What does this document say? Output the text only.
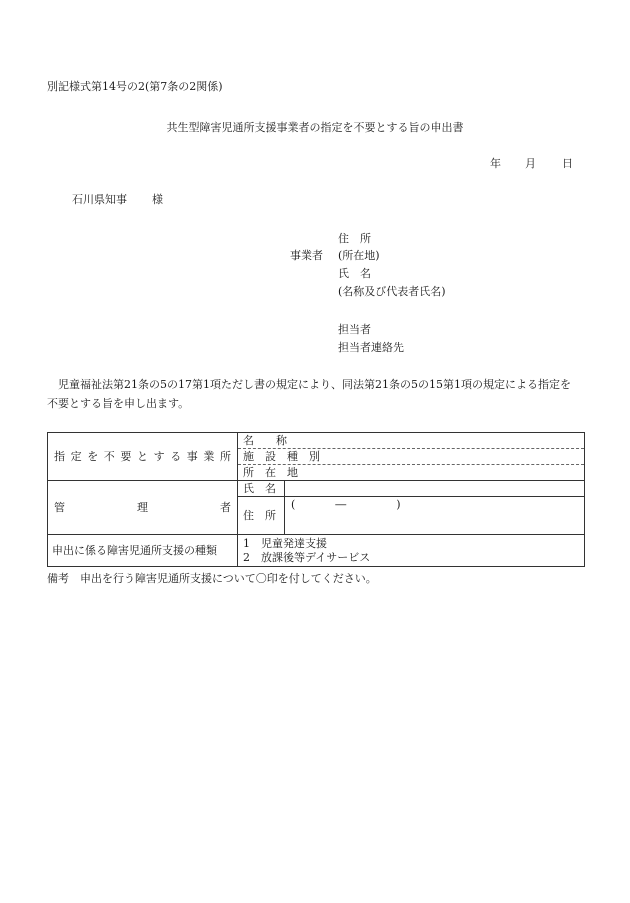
別記様式第14号の2(第7条の2関係)
共生型障害児通所支援事業者の指定を不要とする旨の申出書
年 月 日
石川県知事 様
住　所
事業者 (所在地)
氏　名
(名称及び代表者氏名)
担当者
担当者連絡先
児童福祉法第21条の5の17第1項ただし書の規定により、同法第21条の5の15第1項の規定による指定を
不要とする旨を申し出ます。
指定を不要とする事業所	名　　称
施　設　種　別
所　在　地	

管　　理　　者	氏　名	
	住　所	( ― )
申出に係る障害児通所支援の種類	1　児童発達支援
2　放課後等デイサービス	
備考　申出を行う障害児通所支援について〇印を付してください。
